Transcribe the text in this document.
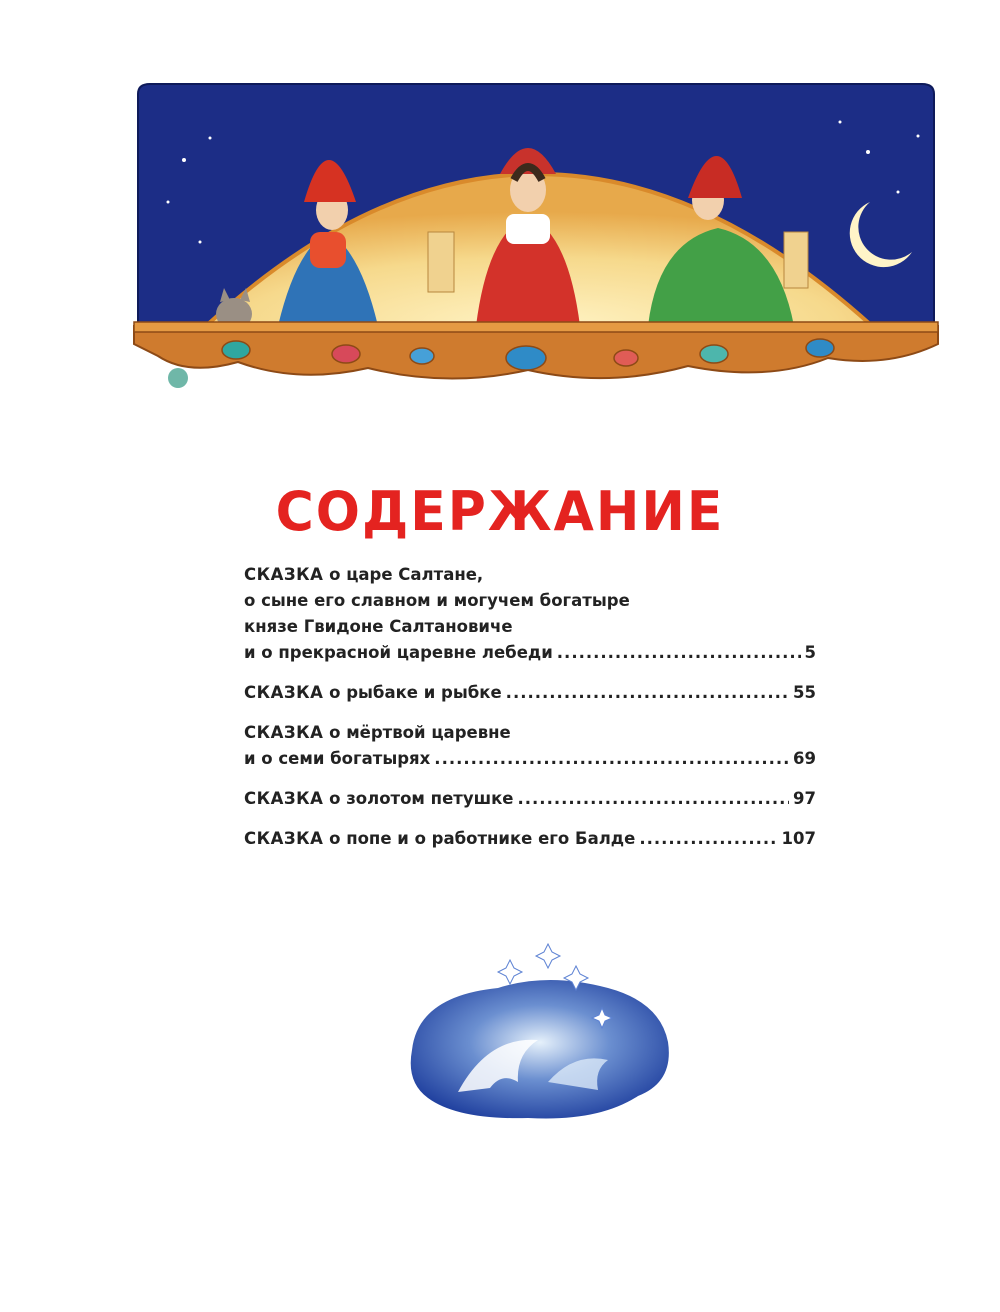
СОДЕРЖАНИЕ
СКАЗКА о царе Салтане,
о сыне его славном и могучем богатыре
князе Гвидоне Салтановиче
и о прекрасной царевне лебеди .....	5
СКАЗКА о рыбаке и рыбке .....	55
СКАЗКА о мёртвой царевне
и о семи богатырях .....	69
СКАЗКА о золотом петушке .....	97
СКАЗКА о попе и о работнике его Балде .....	107
